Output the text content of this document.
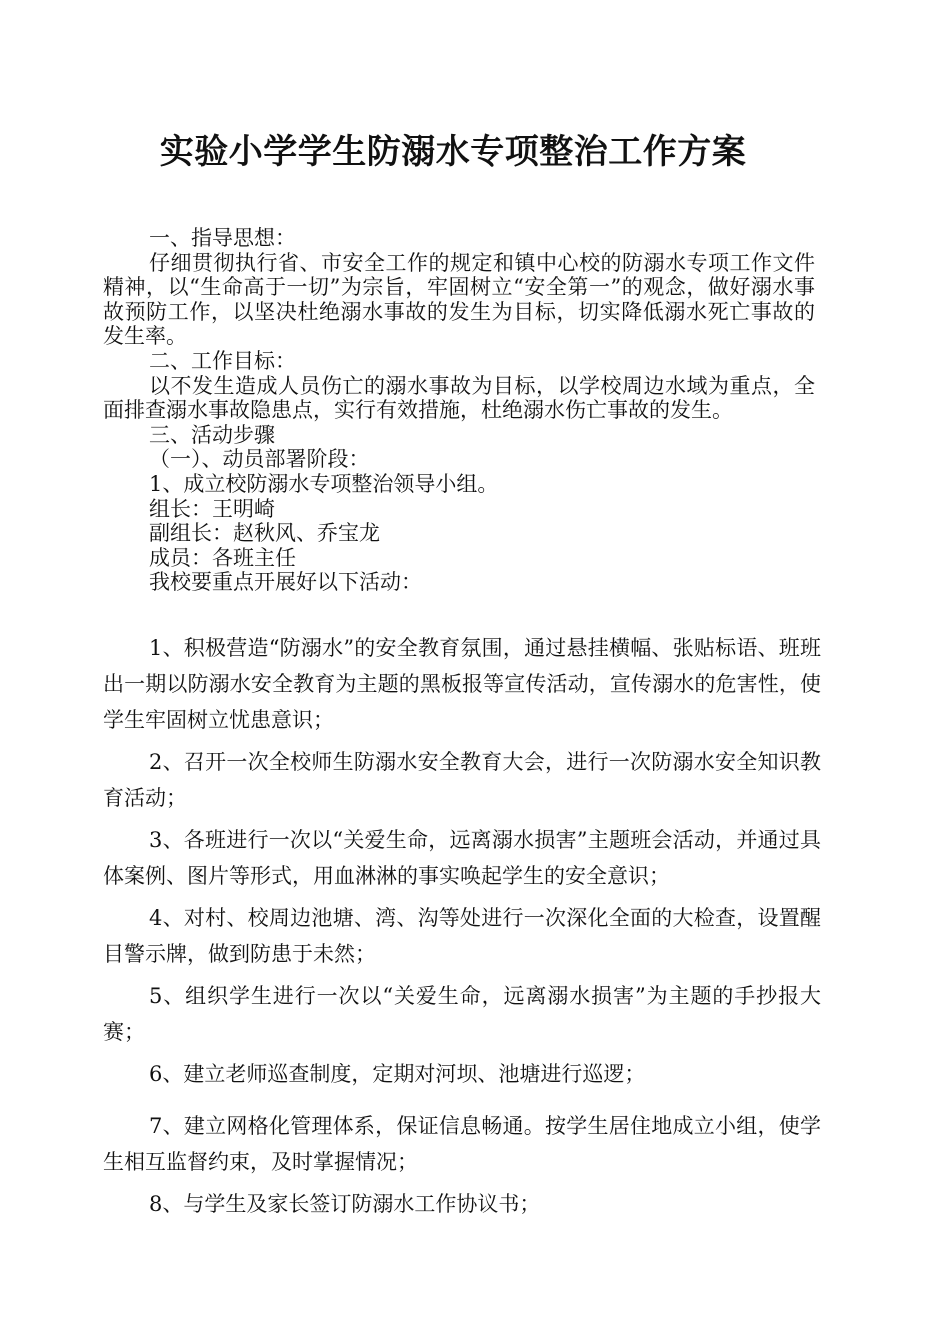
实验小学学生防溺水专项整治工作方案

一、指导思想：

仔细贯彻执行省、市安全工作的规定和镇中心校的防溺水专项工作文件精神，以“生命高于一切”为宗旨，牢固树立“安全第一”的观念，做好溺水事故预防工作，以坚决杜绝溺水事故的发生为目标，切实降低溺水死亡事故的发生率。

二、工作目标：

以不发生造成人员伤亡的溺水事故为目标，以学校周边水域为重点，全面排查溺水事故隐患点，实行有效措施，杜绝溺水伤亡事故的发生。

三、活动步骤

（一）、动员部署阶段：

1、成立校防溺水专项整治领导小组。

组长：王明崎

副组长：赵秋风、乔宝龙

成员：各班主任

我校要重点开展好以下活动：

1、积极营造“防溺水”的安全教育氛围，通过悬挂横幅、张贴标语、班班出一期以防溺水安全教育为主题的黑板报等宣传活动，宣传溺水的危害性，使学生牢固树立忧患意识；

2、召开一次全校师生防溺水安全教育大会，进行一次防溺水安全知识教育活动；

3、各班进行一次以“关爱生命，远离溺水损害”主题班会活动，并通过具体案例、图片等形式，用血淋淋的事实唤起学生的安全意识；

4、对村、校周边池塘、湾、沟等处进行一次深化全面的大检查，设置醒目警示牌，做到防患于未然；

5、组织学生进行一次以“关爱生命，远离溺水损害”为主题的手抄报大赛；

6、建立老师巡查制度，定期对河坝、池塘进行巡逻；

7、建立网格化管理体系，保证信息畅通。按学生居住地成立小组，使学生相互监督约束，及时掌握情况；

8、与学生及家长签订防溺水工作协议书；
